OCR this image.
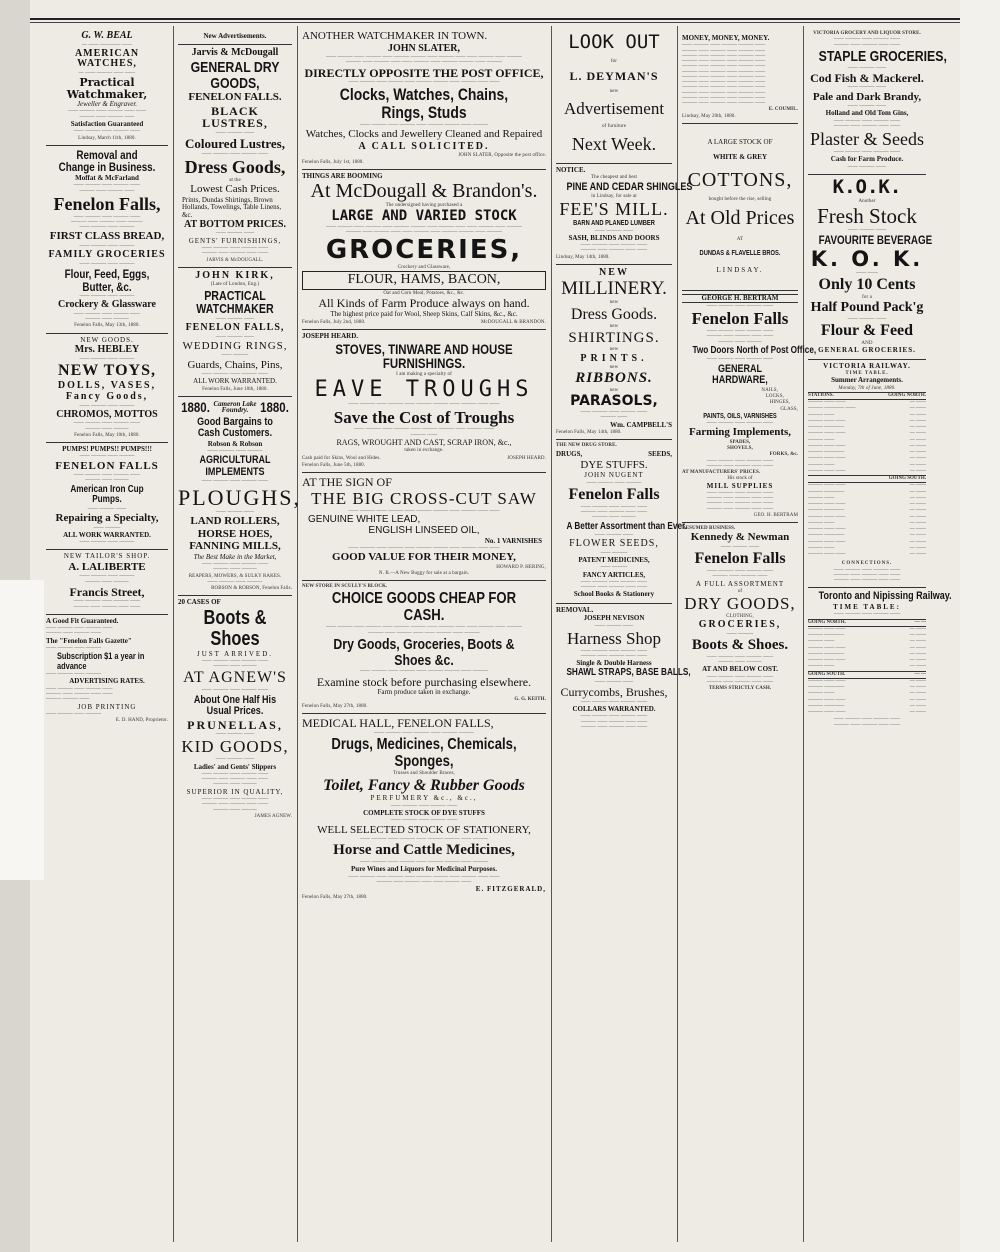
G. W. BEAL
— —— ———— ——
AMERICAN WATCHES,
— —— ——— —— ——
Practical Watchmaker,
Jeweller & Engraver.
—— ——— —— ——— —— ——
——— —— ——— ——
Satisfaction Guaranteed
—— ——— —— ——— ——
Lindsay, March 11th, 1880.
Removal and Change in Business.
Moffat & McFarland
—— ——— —— ——— ——
——— —— ——— ——
Fenelon Falls,
—— ——— —— ——— ——
——— —— ——— —— ———
—— ——— —— ———
FIRST CLASS BREAD,
—— ——— —— ———
FAMILY GROCERIES
—— ——— —— ———
Flour, Feed, Eggs, Butter, &c.
—— ——— —— ———
Crockery & Glassware
—— ——— —— ——— ——
——— —— ———
Fenelon Falls, May 13th, 1880.
NEW GOODS.
Mrs. HEBLEY
—— ——— —— ———
NEW TOYS,
DOLLS, VASES,
Fancy Goods,
—— ——— —— ———
CHROMOS, MOTTOS
—— ——— —— ——— ——
——— —— ———
Fenelon Falls, May 10th, 1880.
PUMPS! PUMPS!! PUMPS!!!
—— ——— —— ———
FENELON FALLS
—— ——— —— ——— ——
——— —— ———
American Iron Cup Pumps.
—— ——— ——
Repairing a Specialty,
—— ———
ALL WORK WARRANTED.
—— ——— —— ———
NEW TAILOR'S SHOP.
A. LALIBERTE
—— ——— —— ———
——— —— ———
Francis Street,
—— ——— —— ——— ——
——— —— ——— —— ——
A Good Fit Guaranteed.
—— ——— —— ——— ——
——— —— ——— ——
The "Fenelon Falls Gazette"
—— ——— —— ———
Subscription $1 a year in advance
—— ——— —— ———
ADVERTISING RATES.
—— ——— —— ——— ——
——— —— ——— —— ——
——— ——— ——
JOB PRINTING
—— ——— —— ———
E. D. HAND, Proprietor.
New Advertisements.
Jarvis & McDougall
GENERAL DRY GOODS,
FENELON FALLS.
BLACK LUSTRES,
—— ——— ——
Coloured Lustres,
—— ——— —— ——— ——
Dress Goods,
at the
Lowest Cash Prices.
Prints, Dundas Shirtings, Brown Hollands, Towelings, Table Linens, &c.
AT BOTTOM PRICES.
—— ——— ——
GENTS' FURNISHINGS,
—— ——— —— ——— ——
——— —— ——— —— ——
JARVIS & McDOUGALL.
JOHN KIRK,
(Late of London, Eng.)
PRACTICAL WATCHMAKER
—— ——— ——
FENELON FALLS,
—— ——— ——
WEDDING RINGS,
—— ———
Guards, Chains, Pins,
—— ——— —— ——— ——
ALL WORK WARRANTED.
Fenelon Falls, June 10th, 1880.
1880. Cameron Lake Foundry. 1880.
Good Bargains to Cash Customers.
Robson & Robson
—— ——— —— ———
AGRICULTURAL IMPLEMENTS
—— ——— —— ——— ——
PLOUGHS,
—— ——— ——
LAND ROLLERS,
HORSE HOES,
FANNING MILLS,
The Best Make in the Market,
—— ——— —— ——— ——
——— —— ———
REAPERS, MOWERS, & SULKY RAKES.
—— ——— —— ———
ROBSON & ROBSON, Fenelon Falls.
20 CASES OF
Boots & Shoes
JUST ARRIVED.
—— ——— —— ——— ——
——— —— ———
AT AGNEW'S
—— ——— —— ——— ——
About One Half His Usual Prices.
PRUNELLAS,
—— ——— ——
KID GOODS,
—— ——— ——
Ladies' and Gents' Slippers
—— ——— —— ——— ——
——— —— ——— —— ——
——— —— ———
SUPERIOR IN QUALITY,
—— ——— —— ——— ——
——— —— ——— —— ——
——— —— ———
JAMES AGNEW.
ANOTHER WATCHMAKER IN TOWN.
JOHN SLATER,
—— ——— —— ——— —— ——— ——— —— ——— —— —— ——— —— ———
——— —— ——— —— —— ——— —— ——— ——— —— ———
DIRECTLY OPPOSITE THE POST OFFICE,
—— ——— —— ——— —— ——— ——— —— ——— —— ——
Clocks, Watches, Chains, Rings, Studs
—— ——— —— ——— —— ——— ——— —— ———
Watches, Clocks and Jewellery Cleaned and Repaired
A CALL SOLICITED.
JOHN SLATER, Opposite the post office.
Fenelon Falls, July 1st, 1880.
THINGS ARE BOOMING
At McDougall & Brandon's.
The undersigned having purchased a
LARGE AND VARIED STOCK
—— ——— —— ——— —— ——— ——— —— ——— —— —— ——— —— ———
——— —— ——— —— —— ——— —— ——— ——— —— ———
GROCERIES,
Crockery and Glassware,
FLOUR, HAMS, BACON,
Oat and Corn Meal, Potatoes, &c., &c.
All Kinds of Farm Produce always on hand.
The highest price paid for Wool, Sheep Skins, Calf Skins, &c., &c.
Fenelon Falls, July 2nd, 1880.	McDOUGALL & BRANDON.
JOSEPH HEARD.
STOVES, TINWARE AND HOUSE FURNISHINGS.
I am making a specialty of
EAVE TROUGHS
—— ——— —— ——— —— ——— ——— —— ——— —— ——
Save the Cost of Troughs
—— ——— —— ——— —— ——— ——— —— ——— ——
——— ——
RAGS, WROUGHT AND CAST, SCRAP IRON, &c.,
taken in exchange.
Cash paid for Skins, Wool and Hides.	JOSEPH HEARD.
Fenelon Falls, June 5th, 1880.
AT THE SIGN OF
THE BIG CROSS-CUT SAW
—— ——— —— ——— —— ——— ——— —— ——— —— ——
GENUINE WHITE LEAD,
ENGLISH LINSEED OIL,
No. 1 VARNISHES
—— ——— —— ——— —— ——— ——— —— ——— —— ——
GOOD VALUE FOR THEIR MONEY,
HOWARD P. HERING,
N. B.—A New Buggy for sale at a bargain.
NEW STORE IN SCULLY'S BLOCK.
CHOICE GOODS CHEAP FOR CASH.
—— ——— —— ——— —— ——— ——— —— ——— —— —— ——— —— ———
——— —— ——— —— —— ——— —— ———
Dry Goods, Groceries, Boots & Shoes &c.
—— ——— —— ——— —— ——— ——— —— ———
Examine stock before purchasing elsewhere.
Farm produce taken in exchange.
G. G. KEITH.
Fenelon Falls, May 27th, 1880.
MEDICAL HALL, FENELON FALLS,
—— ——— —— ——— —— ——— ———
Drugs, Medicines, Chemicals, Sponges,
Trusses and Shoulder Braces,
Toilet, Fancy & Rubber Goods
PERFUMERY &c., &c.,
—— ——— —— ——— ——
COMPLETE STOCK OF DYE STUFFS
—— ——— —— ——— ——
WELL SELECTED STOCK OF STATIONERY,
—— ——— —— ——— —— ——— ——— —— ———
Horse and Cattle Medicines,
—— ——— —— ——— —— ——— ——— —— ———
Pure Wines and Liquors for Medicinal Purposes.
—— ——— —— ——— —— ——— ——— —— ——— —— ——
——— —— ——— —— —— ——— ——
E. FITZGERALD,
Fenelon Falls, May 27th, 1880.
LOOK OUT
for
L. DEYMAN'S
new
Advertisement
of furniture
Next Week.
NOTICE.
The cheapest and best
PINE AND CEDAR SHINGLES
in Lindsay, for sale at
FEE'S MILL.
BARN AND PLANED LUMBER
—— ——— ——
SASH, BLINDS AND DOORS
—— ——— —— ——— ——
——— —— ——— —— ——
Lindsay, May 14th, 1880.
NEW
MILLINERY.
new
Dress Goods.
new
SHIRTINGS.
new
PRINTS.
new
RIBBONS.
new
PARASOLS,
—— ——— —— ——— ——
——— ——
Wm. CAMPBELL'S
Fenelon Falls, May 14th, 1880.
THE NEW DRUG STORE.
DRUGS,	SEEDS,
DYE STUFFS.
JOHN NUGENT
—— ——— —— ———
Fenelon Falls
—— ——— —— ——— ——
——— —— ——— —— ——
——— —— ———
A Better Assortment than Ever.
—— ——— ——
FLOWER SEEDS,
—— ———
PATENT MEDICINES,
—— ———
FANCY ARTICLES,
—— ——— —— ——— ——
——— —— ——— —— ——
School Books & Stationery
REMOVAL.
JOSEPH NEVISON
—— ——— ——
Harness Shop
—— ——— —— ——— ——
——— —— ——— —— ——
Single & Double Harness
SHAWL STRAPS, BASE BALLS,
—— ——— ——
Currycombs, Brushes,
—— ——— —— ——— ——
COLLARS WARRANTED.
—— ——— —— ——— ——
——— —— ——— —— ——
——— —— ——— —— ——
MONEY, MONEY, MONEY.
—— ——— —— ——— ——— ——
——— —— ——— —— ——— ——
——— —— ——— —— ——— ——
——— —— ——— —— ——— ——
——— —— ——— —— ——— ——
——— —— ——— —— ——— ——
——— —— ——— —— ——— ——
——— —— ——— —— ——— ——
——— —— ——— —— ——— ——
——— —— ——— —— ——— ——
——— —— ——— —— ——— ——
——— —— ——— —— ——— ——
E. COUMIL.
Lindsay, May 20th, 1880.
A LARGE STOCK OF
WHITE & GREY
COTTONS,
bought before the rise, selling
At Old Prices
AT
DUNDAS & FLAVELLE BROS.
LINDSAY.
GEORGE H. BERTRAM
—— ——— —— ——— ——
Fenelon Falls
—— ——— —— ——— ——
——— —— ——— —— ——
——— —— ———
Two Doors North of Post Office,
—— ——— —— ——— ——
GENERAL HARDWARE,
NAILS,
LOCKS,
HINGES,
GLASS,
PAINTS, OILS, VARNISHES
—— ——— —— ——— ——
Farming Implements,
SPADES,
SHOVELS,
FORKS, &c.
—— ——— —— ——— ——
——— —— ——— —— ——
AT MANUFACTURERS' PRICES.
His stock of
MILL SUPPLIES
—— ——— —— ——— ——
——— —— ——— —— ——
——— —— ——— —— ——
——— —— ——— —— ——
GEO. H. BERTRAM
RESUMED BUSINESS.
Kennedy & Newman
—— ——— ——
Fenelon Falls
—— ——— —— ——— ——
——— —— ——— ——
A FULL ASSORTMENT
of
DRY GOODS,
CLOTHING,
GROCERIES,
—— ———
Boots & Shoes.
—— ——— —— ——— ——
——— —— ———
AT AND BELOW COST.
—— ——— —— ——— ——
——— —— ——— —— ——
TERMS STRICTLY CASH.
VICTORIA GROCERY AND LIQUOR STORE.
—— ——— —— ——— ——
——— —— ——— —— ——
STAPLE GROCERIES,
—— ——— ——
Cod Fish & Mackerel.
—— ——— ——
Pale and Dark Brandy,
—— ——— ——
Holland and Old Tom Gins,
—— ——— —— ——— ——
——— —— ——— —— ——
Plaster & Seeds
—— ——— —— ——— ——
Cash for Farm Produce.
—— ——— ——
K.O.K.
Another
Fresh Stock
—— ——— ——
FAVOURITE BEVERAGE
K. O. K.
—— ——
Only 10 Cents
for a
Half Pound Pack'g
—— ——— ——
Flour & Feed
AND
GENERAL GROCERIES.
VICTORIA RAILWAY.
TIME TABLE.
Summer Arrangements.
Monday, 7th of June, 1880.
STATIONS.	GOING NORTH.
——— —— ——	— ——
——— ———— ——	— ——
——— ——	— ——
——— —— ——	— ——
——— ————	— ——
——— —— ——	— ——
——— ——	— ——
——— —— ——	— ——
——— ————	— ——
——— —— ——	— ——
——— ——	— ——
——— —— ——	— ——

GOING SOUTH.
——— —— ——	— ——
——— ————	— ——
——— ——	— ——
——— —— ——	— ——
——— ————	— ——
——— —— ——	— ——
——— ——	— ——
——— —— ——	— ——
——— ————	— ——
——— —— ——	— ——
——— ——	— ——
——— —— ——	— ——
CONNECTIONS.
—— ——— —— ——— ——
——— —— ——— —— ——
——— —— ——— —— ——
Toronto and Nipissing Railway.
TIME TABLE:
—— ——— —— ——— ——
GOING NORTH.	— —
——— —— ——	— ——
——— ————	— ——
——— ——	— ——
——— —— ——	— ——
——— ————	— ——
——— —— ——	— ——
——— ——	— ——
GOING SOUTH.	— —
——— —— ——	— ——
——— ————	— ——
——— ——	— ——
——— —— ——	— ——
——— ————	— ——
——— —— ——	— ——
—— ——— —— ——— ——
——— —— ——— —— ——
